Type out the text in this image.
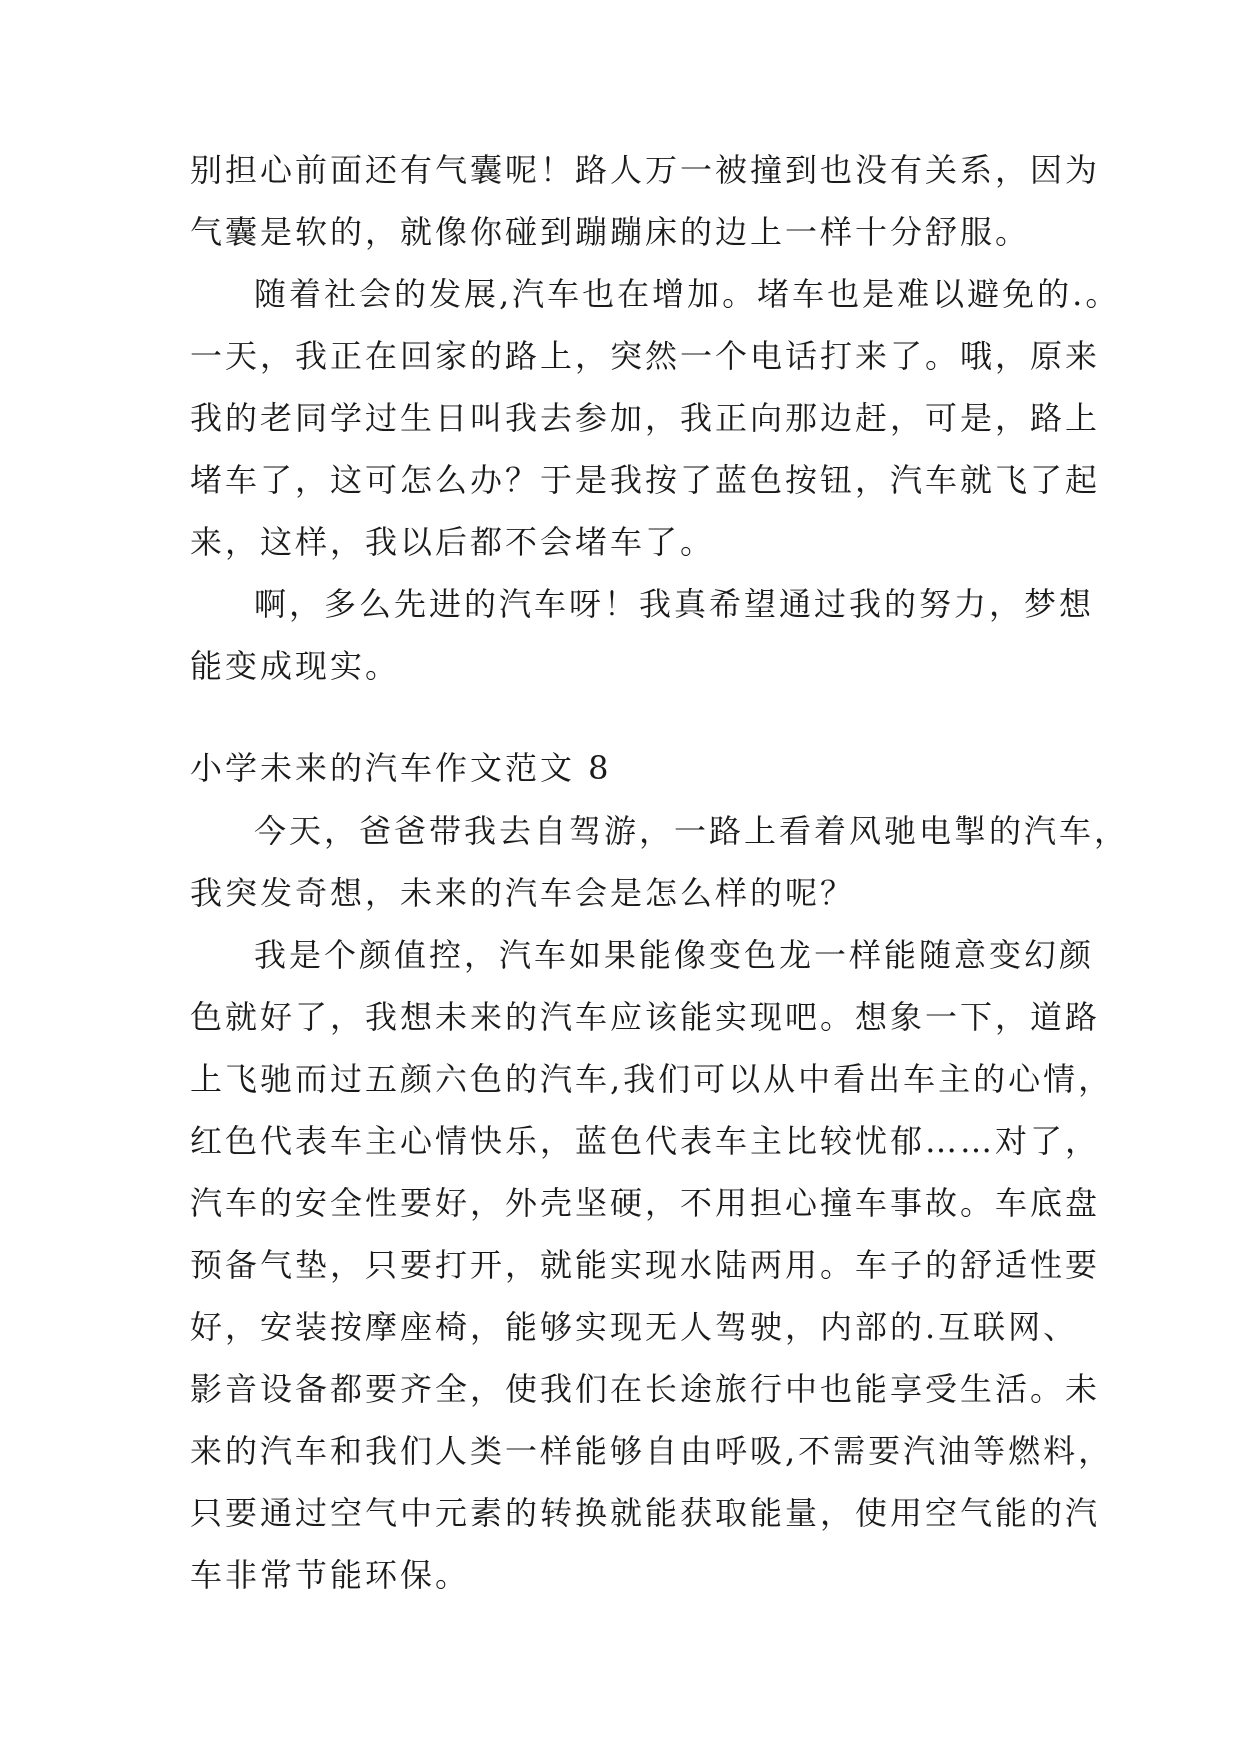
别担心前面还有气囊呢！路人万一被撞到也没有关系，因为
气囊是软的，就像你碰到蹦蹦床的边上一样十分舒服。
随着社会的发展,汽车也在增加。堵车也是难以避免的.。
一天，我正在回家的路上，突然一个电话打来了。哦，原来
我的老同学过生日叫我去参加，我正向那边赶，可是，路上
堵车了，这可怎么办？于是我按了蓝色按钮，汽车就飞了起
来，这样，我以后都不会堵车了。
啊，多么先进的汽车呀！我真希望通过我的努力，梦想
能变成现实。
小学未来的汽车作文范文 8
今天，爸爸带我去自驾游，一路上看着风驰电掣的汽车，
我突发奇想，未来的汽车会是怎么样的呢？
我是个颜值控，汽车如果能像变色龙一样能随意变幻颜
色就好了，我想未来的汽车应该能实现吧。想象一下，道路
上飞驰而过五颜六色的汽车,我们可以从中看出车主的心情，
红色代表车主心情快乐，蓝色代表车主比较忧郁……对了，
汽车的安全性要好，外壳坚硬，不用担心撞车事故。车底盘
预备气垫，只要打开，就能实现水陆两用。车子的舒适性要
好，安装按摩座椅，能够实现无人驾驶，内部的.互联网、
影音设备都要齐全，使我们在长途旅行中也能享受生活。未
来的汽车和我们人类一样能够自由呼吸,不需要汽油等燃料，
只要通过空气中元素的转换就能获取能量，使用空气能的汽
车非常节能环保。
